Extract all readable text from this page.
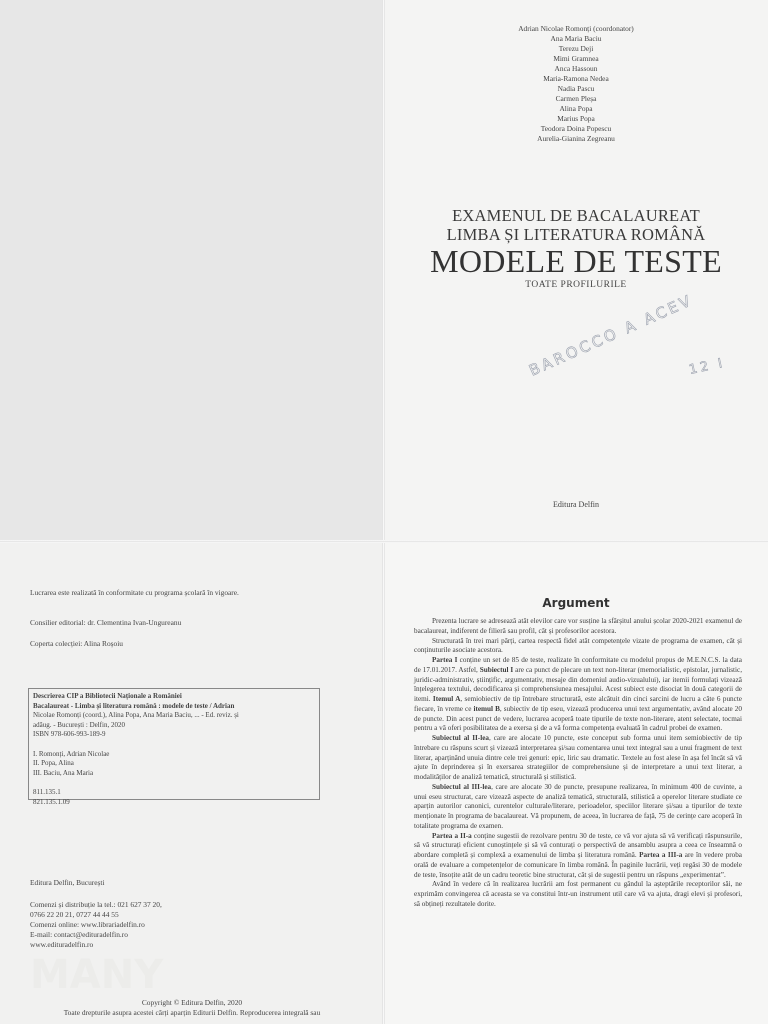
Adrian Nicolae Romonți (coordonator)
Ana Maria Baciu
Terezu Deji
Mimi Gramnea
Anca Hassoun
Maria-Ramona Nedea
Nadia Pascu
Carmen Pleșa
Alina Popa
Marius Popa
Teodora Doina Popescu
Aurelia-Gianina Zegreanu
EXAMENUL DE BACALAUREAT
LIMBA ȘI LITERATURA ROMÂNĂ
MODELE DE TESTE
TOATE PROFILURILE
BAROCCO A ACEV
12 I
Editura Delfin
MANY
Lucrarea este realizată în conformitate cu programa școlară în vigoare.
Consilier editorial: dr. Clementina Ivan-Ungureanu
Coperta colecției: Alina Roșoiu
Descrierea CIP a Bibliotecii Naționale a României
Bacalaureat - Limba și literatura română : modele de teste / Adrian
Nicolae Romonți (coord.), Alina Popa, Ana Maria Baciu, ... - Ed. reviz. și
adăug. - București : Delfin, 2020
ISBN 978-606-993-189-9
I. Romonți, Adrian Nicolae
II. Popa, Alina
III. Baciu, Ana Maria
811.135.1
821.135.1.09
Editura Delfin, București
Comenzi și distribuție la tel.: 021 627 37 20,
0766 22 20 21, 0727 44 44 55
Comenzi online: www.librariadelfin.ro
E-mail: contact@edituradelfin.ro
www.edituradelfin.ro
Copyright © Editura Delfin, 2020
Toate drepturile asupra acestei cărți aparțin Editurii Delfin. Reproducerea integrală sau
Argument

Prezenta lucrare se adresează atât elevilor care vor susține la sfârșitul anului școlar 2020-2021 examenul de bacalaureat, indiferent de filieră sau profil, cât și profesorilor acestora.

Structurată în trei mari părți, cartea respectă fidel atât competențele vizate de programa de examen, cât și conținuturile asociate acestora.

Partea I conține un set de 85 de teste, realizate în conformitate cu modelul propus de M.E.N.C.S. la data de 17.01.2017. Astfel, Subiectul I are ca punct de plecare un text non-literar (memorialistic, epistolar, jurnalistic, juridic-administrativ, științific, argumentativ, mesaje din domeniul audio-vizualului), iar itemii formulați vizează înțelegerea textului, decodificarea și comprehensiunea mesajului. Acest subiect este disociat în două categorii de itemi. Itemul A, semiobiectiv de tip întrebare structurată, este alcătuit din cinci sarcini de lucru a câte 6 puncte fiecare, în vreme ce itemul B, subiectiv de tip eseu, vizează producerea unui text argumentativ, având alocate 20 de puncte. Din acest punct de vedere, lucrarea acoperă toate tipurile de texte non-literare, atent selectate, tocmai pentru a vă oferi posibilitatea de a exersa și de a vă forma competența evaluată în cadrul probei de examen.

Subiectul al II-lea, care are alocate 10 puncte, este conceput sub forma unui item semiobiectiv de tip întrebare cu răspuns scurt și vizează interpretarea și/sau comentarea unui text integral sau a unui fragment de text literar, aparținând unuia dintre cele trei genuri: epic, liric sau dramatic. Textele au fost alese în așa fel încât să vă ajute în deprinderea și în exersarea strategiilor de comprehensiune și de interpretare a unui text literar, a modalităților de analiză tematică, structurală și stilistică.

Subiectul al III-lea, care are alocate 30 de puncte, presupune realizarea, în minimum 400 de cuvinte, a unui eseu structurat, care vizează aspecte de analiză tematică, structurală, stilistică a operelor literare studiate ce aparțin autorilor canonici, curentelor culturale/literare, perioadelor, speciilor literare și/sau a tipurilor de texte menționate în programa de bacalaureat. Vă propunem, de aceea, în lucrarea de față, 75 de cerințe care acoperă în totalitate programa de examen.

Partea a II-a conține sugestii de rezolvare pentru 30 de teste, ce vă vor ajuta să vă verificați răspunsurile, să vă structurați eficient cunoștințele și să vă conturați o perspectivă de ansamblu asupra a ceea ce înseamnă o abordare completă și complexă a examenului de limba și literatura română. Partea a III-a are în vedere proba orală de evaluare a competențelor de comunicare în limba română. În paginile lucrării, veți regăsi 30 de modele de teste, însoțite atât de un cadru teoretic bine structurat, cât și de sugestii pentru un răspuns „experimentat”.

Având în vedere că în realizarea lucrării am fost permanent cu gândul la așteptările receptorilor săi, ne exprimăm convingerea că aceasta se va constitui într-un instrument util care vă va ajuta, dragi elevi și profesori, să obțineți rezultatele dorite.
